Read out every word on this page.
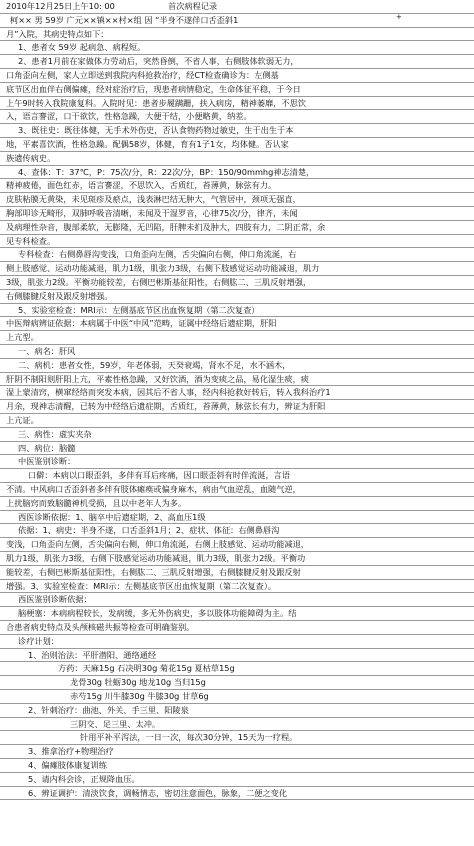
2010年12月25日上午10: 00	首次病程记录
柯×× 男 59岁 广元××镇××村×组 因 “半身不遂伴口舌歪斜1
月”入院，其病史特点如下：
1、患者女 59岁 起病急、病程短。
2、患者1月前在家做体力劳动后，突然昏倒，不省人事，右侧肢体软弱无力，
口角歪向左侧，家人立即送到我院内科抢救治疗，经CT检查确诊为：左侧基
底节区出血伴右侧偏瘫，经对症治疗后，现患者病情稳定，生命体征平稳，于今日
上午9时转入我院康复科。入院时见：患者步履蹒跚，扶入病房，精神萎靡，不思饮
入，语言謇涩，口干欲饮，性格急躁，大便干结，小便略黄，纳差。
3、既往史：既往体健，无手术外伤史，否认食物药物过敏史，生于出生于本
地，平素喜饮酒，性格急躁。配偶58岁，体健，育有1子1女，均体健。否认家
族遗传病史。
4、查体：T：37℃，P：75次/分，R：22次/分，BP：150/90mmhg神志清楚，
精神疲倦，面色红赤，语言謇涩，不思饮入，舌质红，苔薄黄，脉弦有力。
皮肤粘膜无黄染，未见斑疹及瘀点，浅表淋巴结无肿大，气管居中，颈项无强直，
胸部叩诊无畸形，双肺呼吸音清晰，未闻及干湿罗音，心律75次/分，律齐，未闻
及病理性杂音，腹部柔软，无膨隆，无凹陷，肝脾未扪及肿大，四肢有力，二阴正常，余
见专科检查。
专科检查：右侧鼻唇沟变浅，口角歪向左侧，舌尖偏向右侧，伸口角流涎，右
侧上肢感觉、运动功能减退，肌力1级，肌张力3级，右侧下肢感觉运动功能减退，肌力
3级，肌张力2级。平衡功能较差，右侧巴彬斯基征阳性，右侧肱二、三肌反射增强，
右侧膝腱反射及跟反射增强。
5、实验室检查：MRI示：左侧基底节区出血恢复期（第二次复查）
中医辩病辨证依据：本病属于中医“中风”范畴，证属中经络后遗症期，肝阳
上亢型。
一、病名：肝风
二、病机：患者女性，59岁，年老体弱，天癸衰竭，肾水不足，水不涵木，
肝阴不制阳则肝阳上亢，平素性格急躁，又好饮酒，酒为变痰之品，易化湿生痰，痰
湿上蒙清窍，横窜经络而突发本病，因其后不省人事，经内科抢救好转后，转入我科治疗1
月余，现神志清醒，已转为中经络后遗症期，舌质红，苔薄黄，脉弦长有力，辨证为肝阳
上亢证。
三、病性：虚实夹杂
四、病位：脑髓
中医鉴别诊断：
口僻：本病以口眼歪斜，多伴有耳后疼痛，因口眼歪斜有时伴流涎，言语
不清。中风病口舌歪斜者多伴有肢体瘫痪或偏身麻木，病由气血逆乱，血随气逆，
上扰脑窍而致脑髓神机受损，且以中老年人为多。
西医诊断依据：1、脑卒中后遗症期，2、高血压1级
依据：1、病史：半身不遂，口舌歪斜1月；2、症状、体征：右侧鼻唇沟
变浅，口角歪向左侧，舌尖偏向右侧，伸口角流涎，右侧上肢感觉、运动功能减退，
肌力1级，肌张力3级，右侧下肢感觉运动功能减退，肌力3级，肌张力2级。平衡功
能较差，右侧巴彬斯基征阳性，右侧肱二、三肌反射增强，右侧膝腱反射及跟反射
增强。3、实验室检查：MRI示：左侧基底节区出血恢复期（第二次复查）。
西医鉴别诊断依据：
脑梗塞：本病病程较长，发病缓，多无外伤病史，多以肢体功能障碍为主。结
合患者病史特点及头颅核磁共振等检查可明确鉴别。
诊疗计划：
1、治则治法：平肝潜阳、通络通经
方药：天麻15g 石决明30g 菊花15g 夏枯草15g
龙骨30g 牡蛎30g 地龙10g 当归15g
赤芍15g 川牛膝30g 牛膝30g 甘草6g
2、针刺治疗：曲池、外关、手三里、阳陵泉
三阴交、足三里、太冲。
针用平补平泻法，一日一次，每次30分钟，15天为一疗程。
3、推拿治疗+物理治疗
4、偏瘫肢体康复训练
5、请内科会诊，正规降血压。
6、辨证调护：清淡饮食，调畅情志，密切注意面色，脉象，二便之变化
+
